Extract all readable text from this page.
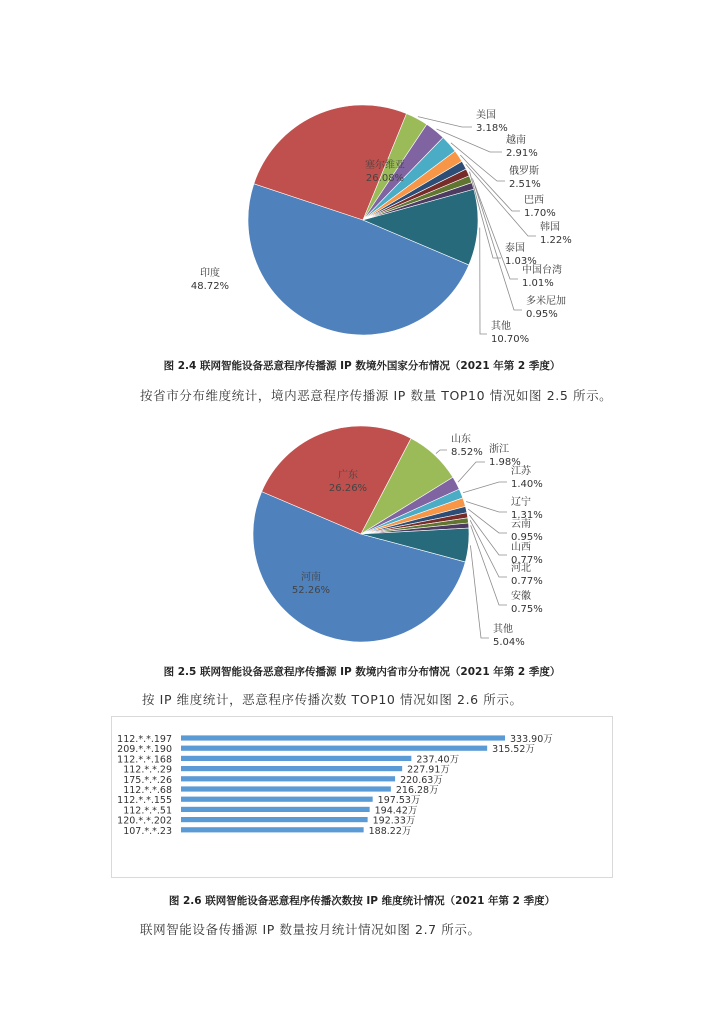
印度
48.72%
塞尔维亚
26.08%
美国
3.18%
越南
2.91%
俄罗斯
2.51%
巴西
1.70%
韩国
1.22%
泰国
1.03%
中国台湾
1.01%
多米尼加
0.95%
其他
10.70%
图 2.4 联网智能设备恶意程序传播源 IP 数境外国家分布情况（2021 年第 2 季度）
按省市分布维度统计，境内恶意程序传播源 IP 数量 TOP10 情况如图 2.5 所示。
河南
52.26%
广东
26.26%
山东
8.52% 浙江
1.98%
江苏
1.40%
辽宁
1.31%
云南
0.95%
山西
0.77%
河北
0.77%
安徽
0.75%
其他
5.04%
图 2.5 联网智能设备恶意程序传播源 IP 数境内省市分布情况（2021 年第 2 季度）
按 IP 维度统计，恶意程序传播次数 TOP10 情况如图 2.6 所示。
112.*.*.197	333.90万
209.*.*.190	315.52万
112.*.*.168	237.40万
112.*.*.29	227.91万
175.*.*.26	220.63万
112.*.*.68	216.28万
112.*.*.155	197.53万
112.*.*.51	194.42万
120.*.*.202	192.33万
107.*.*.23	188.22万
图 2.6 联网智能设备恶意程序传播次数按 IP 维度统计情况（2021 年第 2 季度）
联网智能设备传播源 IP 数量按月统计情况如图 2.7 所示。
